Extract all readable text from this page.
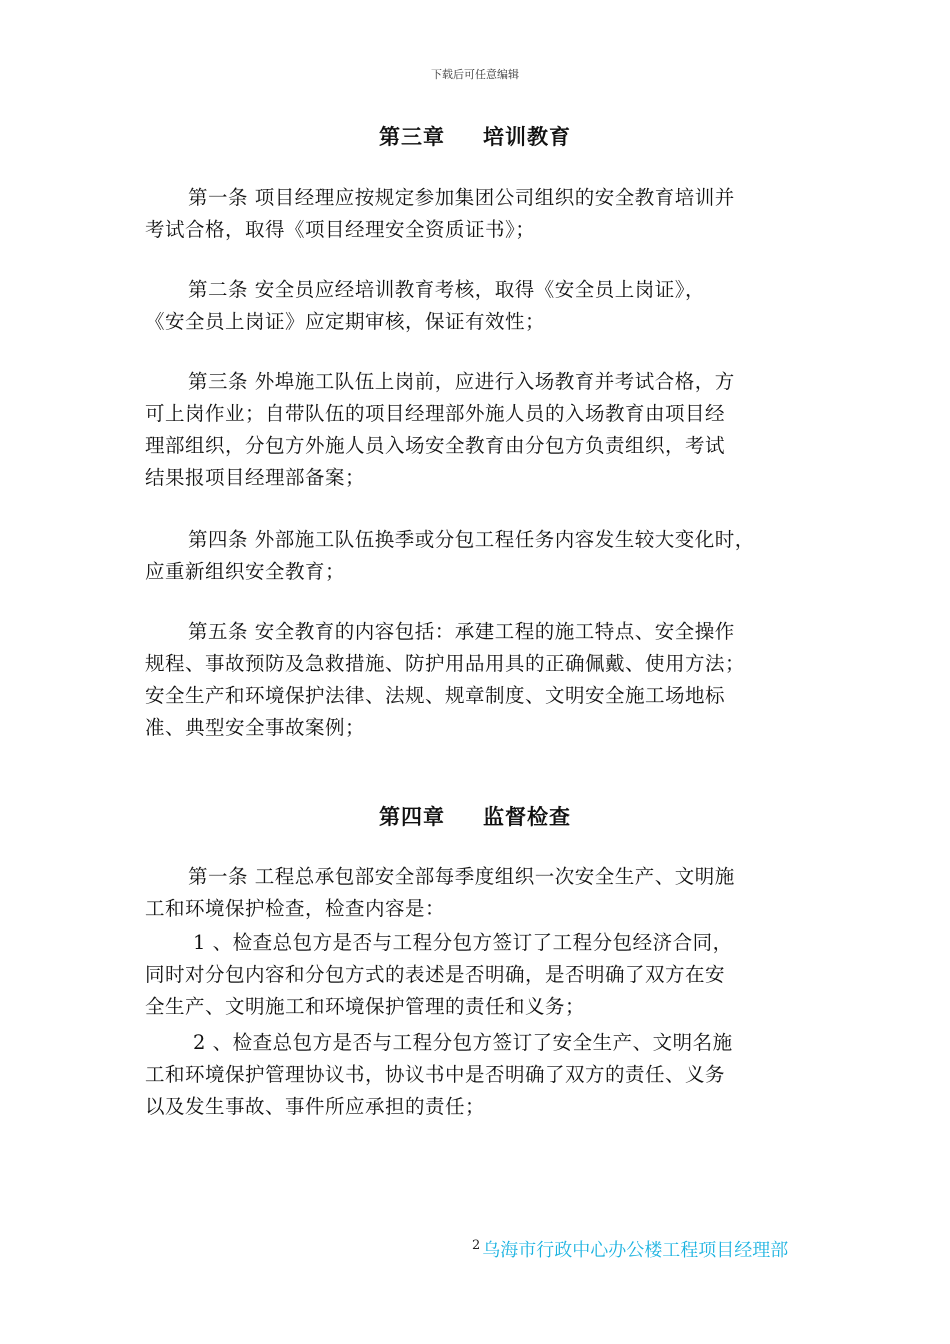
下载后可任意编辑
第三章 培训教育
第一条 项目经理应按规定参加集团公司组织的安全教育培训并
考试合格，取得《项目经理安全资质证书》；
第二条 安全员应经培训教育考核，取得《安全员上岗证》，
《安全员上岗证》应定期审核，保证有效性；
第三条 外埠施工队伍上岗前，应进行入场教育并考试合格，方
可上岗作业；自带队伍的项目经理部外施人员的入场教育由项目经
理部组织，分包方外施人员入场安全教育由分包方负责组织，考试
结果报项目经理部备案；
第四条 外部施工队伍换季或分包工程任务内容发生较大变化时，
应重新组织安全教育；
第五条 安全教育的内容包括：承建工程的施工特点、安全操作
规程、事故预防及急救措施、防护用品用具的正确佩戴、使用方法；
安全生产和环境保护法律、法规、规章制度、文明安全施工场地标
准、典型安全事故案例；
第四章 监督检查
第一条 工程总承包部安全部每季度组织一次安全生产、文明施
工和环境保护检查，检查内容是：
1 、检查总包方是否与工程分包方签订了工程分包经济合同，
同时对分包内容和分包方式的表述是否明确，是否明确了双方在安
全生产、文明施工和环境保护管理的责任和义务；
2 、检查总包方是否与工程分包方签订了安全生产、文明名施
工和环境保护管理协议书，协议书中是否明确了双方的责任、义务
以及发生事故、事件所应承担的责任；
$^2$ 乌海市行政中心办公楼工程项目经理部
